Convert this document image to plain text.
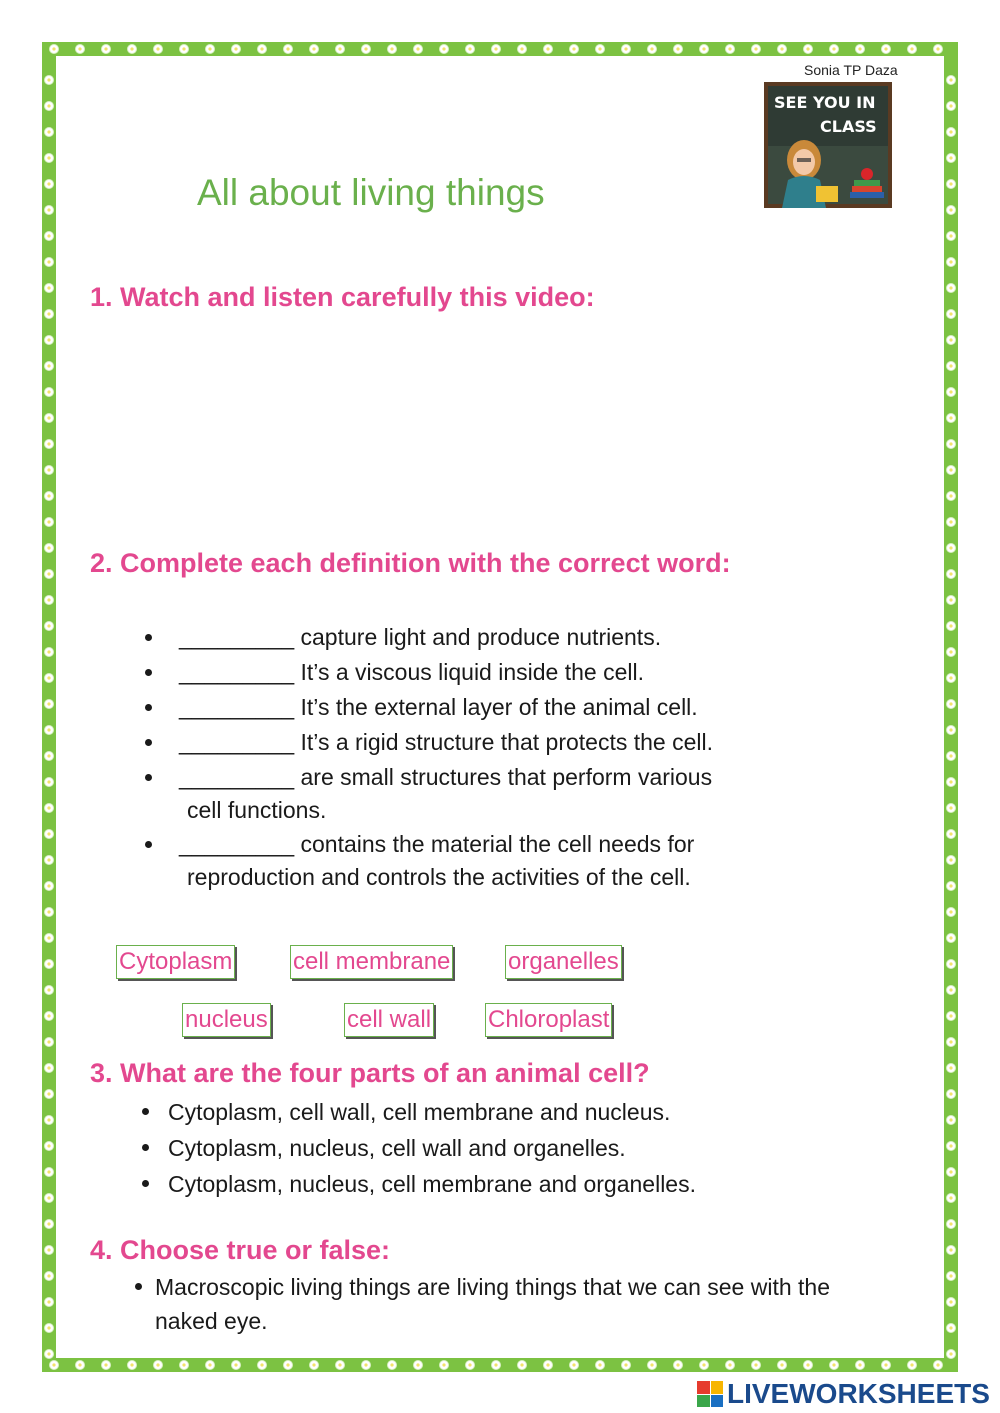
Sonia TP Daza
SEE YOU IN
CLASS
All about living things
1. Watch and listen carefully this video:
2. Complete each definition with the correct word:
_________ capture light and produce nutrients.
_________ It’s a viscous liquid inside the cell.
_________ It’s the external layer of the animal cell.
_________ It’s a rigid structure that protects the cell.
_________ are small structures that perform various
cell functions.
_________ contains the material the cell needs for
reproduction and controls the activities of the cell.
Cytoplasm	cell membrane organelles
nucleus	cell wall Chloroplast
3. What are the four parts of an animal cell?
Cytoplasm, cell wall, cell membrane and nucleus.
Cytoplasm, nucleus, cell wall and organelles.
Cytoplasm, nucleus, cell membrane and organelles.
4. Choose true or false:
Macroscopic living things are living things that we can see with the
naked eye.
LIVEWORKSHEETS
